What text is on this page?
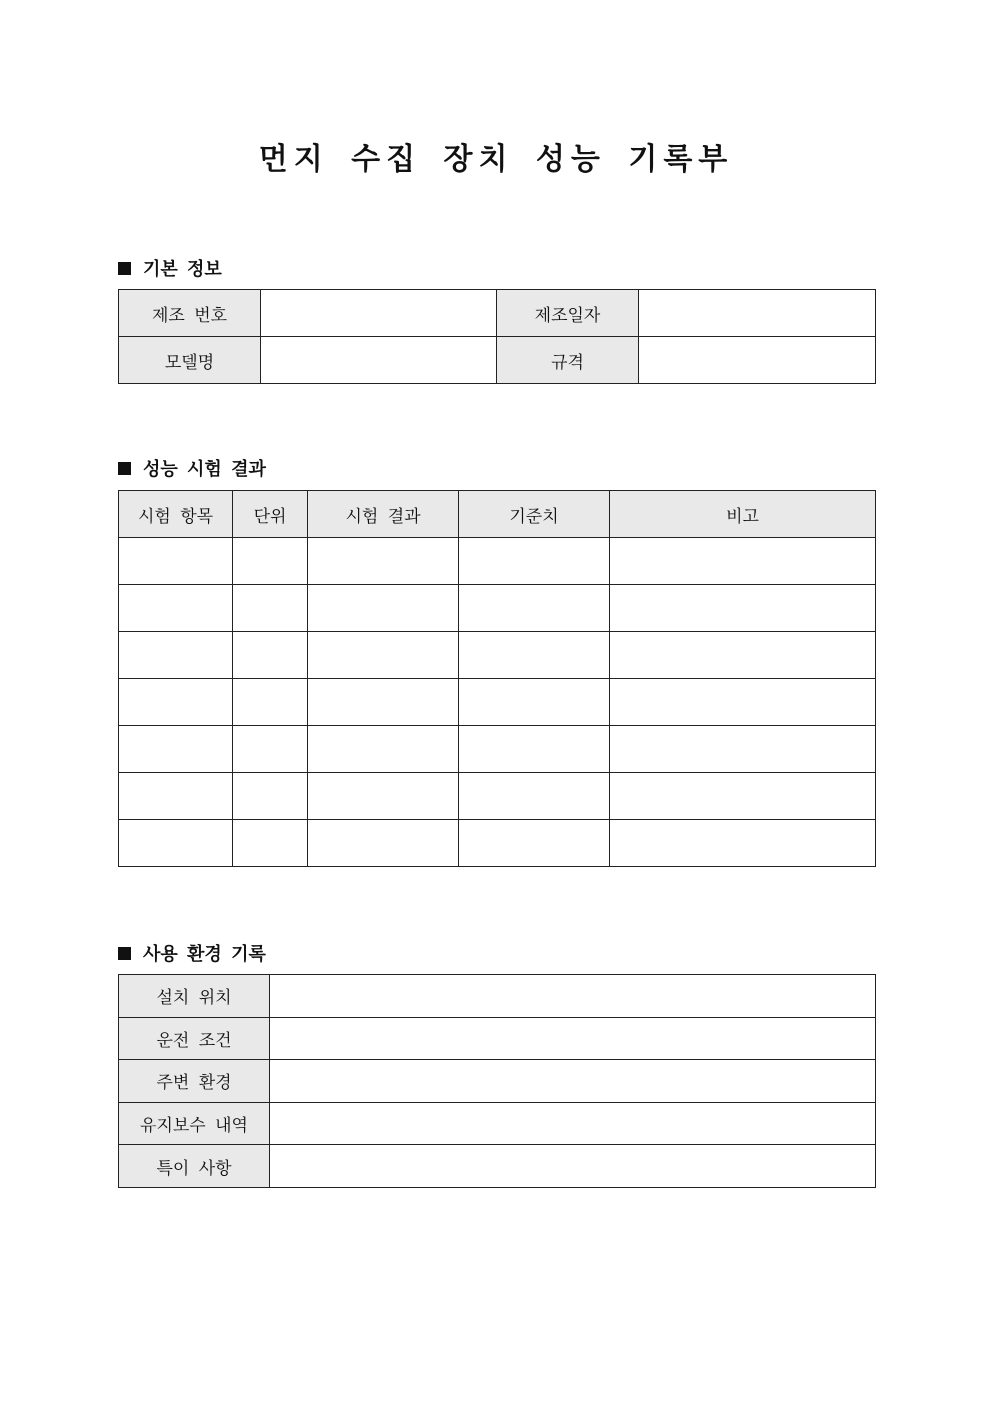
먼지 수집 장치 성능 기록부
기본 정보
제조 번호		제조일자	
모델명		규격	
성능 시험 결과
시험 항목	단위	시험 결과	기준치	비고

사용 환경 기록
설치 위치	
운전 조건	
주변 환경	
유지보수 내역	
특이 사항	
